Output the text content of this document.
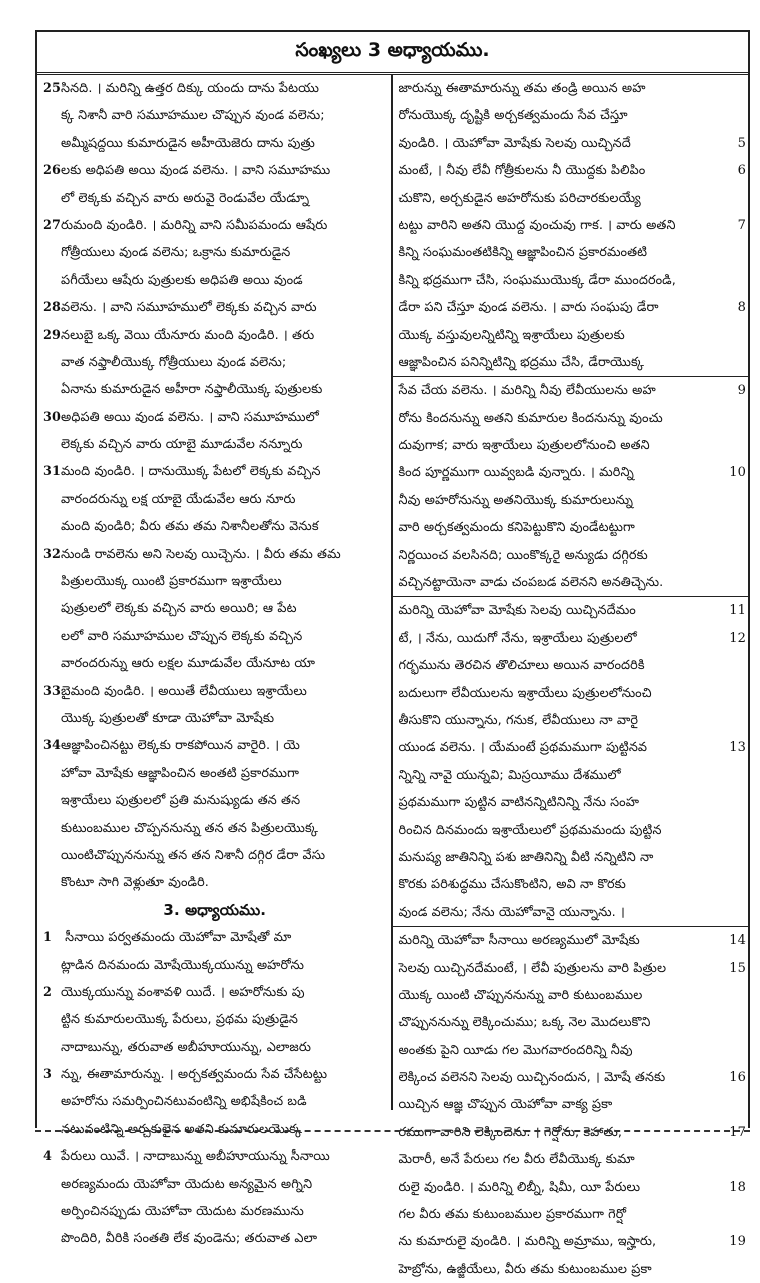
సంఖ్యలు 3 అధ్యాయము.
25సినది. । మరిన్ని ఉత్తర దిక్కు యందు దాను పేటయు
క్క నిశానీ వారి సమూహముల చొప్పున వుండ వలెను;
అమ్మీషద్దయి కుమారుడైన అహీయెజెరు దాను పుత్రు
26లకు అధిపతి అయి వుండ వలెను. । వాని సమూహము
లో లెక్కకు వచ్చిన వారు అరువై రెండువేల యేడ్నూ
27రుమంది వుండిరి. । మరిన్ని వాని సమీపమందు ఆషేరు
గోత్రీయులు వుండ వలెను; ఒక్రాను కుమారుడైన
పగీయేలు ఆషేరు పుత్రులకు అధిపతి అయి వుండ
28వలెను. । వాని సమూహములో లెక్కకు వచ్చిన వారు
29నలుబై ఒక్క వెయి యేనూరు మంది వుండిరి. । తరు
వాత నఫ్తాలీయొక్క గోత్రీయులు వుండ వలెను;
ఏనాను కుమారుడైన అహీరా నఫ్తాలీయొక్క పుత్రులకు
30అధిపతి అయి వుండ వలెను. । వాని సమూహములో
లెక్కకు వచ్చిన వారు యాబై మూడువేల నన్నూరు
31మంది వుండిరి. । దానుయొక్క పేటలో లెక్కకు వచ్చిన
వారందరున్ను లక్ష యాబై యేడువేల ఆరు నూరు
మంది వుండిరి; వీరు తమ తమ నిశానీలతోను వెనుక
32నుండి రావలెను అని సెలవు యిచ్చెను. । వీరు తమ తమ
పిత్రులయొక్క యింటి ప్రకారముగా ఇశ్రాయేలు
పుత్రులలో లెక్కకు వచ్చిన వారు అయిరి; ఆ పేట
లలో వారి సమూహముల చొప్పున లెక్కకు వచ్చిన
వారందరున్ను ఆరు లక్షల మూడువేల యేనూట యా
33బైమంది వుండిరి. । అయితే లేవీయులు ఇశ్రాయేలు
యొక్క పుత్రులతో కూడా యెహోవా మోషేకు
34ఆజ్ఞాపించినట్టు లెక్కకు రాకపోయిన వారైరి. । యె
హోవా మోషేకు ఆజ్ఞాపించిన అంతటి ప్రకారముగా
ఇశ్రాయేలు పుత్రులలో ప్రతి మనుష్యుడు తన తన
కుటుంబముల చొప్పననున్ను తన తన పిత్రులయొక్క
యింటిచొప్పుననున్ను తన తన నిశానీ దగ్గిర డేరా వేసు
కొంటూ సాగి వెళ్లుతూ వుండిరి.
3. అధ్యాయము.
1 సీనాయి పర్వతమందు యెహోవా మోషేతో మా
ట్లాడిన దినమందు మోషేయొక్కయున్ను అహరోను
2 యొక్కయున్ను వంశావళి యిదే. । అహరోనుకు పు
ట్టిన కుమారులయొక్క పేరులు, ప్రథమ పుత్రుడైన
నాదాబున్ను, తరువాత అబీహూయున్ను, ఎలాజరు
3 న్ను, ఈతామారున్ను. । అర్చకత్వమందు సేవ చేసేటట్టు
అహరోను సమర్పించినటువంటిన్ని అభిషేకించ బడి
నటువంటిన్ని అర్చకులైన అతని కుమారులయొక్క
4 పేరులు యివే. । నాదాబున్ను అబీహూయున్ను సీనాయి
అరణ్యమందు యెహోవా యెదుట అన్యమైన అగ్నిని
అర్పించినప్పుడు యెహోవా యెదుట మరణమును
పొందిరి, వీరికి సంతతి లేక వుండెను; తరువాత ఎలా
జారున్ను ఈతామారున్ను తమ తండ్రి అయిన అహ
రోనుయొక్క దృష్టికి అర్చకత్వమందు సేవ చేస్తూ
వుండిరి. । యెహోవా మోషేకు సెలవు యిచ్చినదే	5
మంటే, । నీవు లేవీ గోత్రీకులను నీ యొద్దకు పిలిపిం	6
చుకొని, అర్చకుడైన అహరోనుకు పరిచారకులయ్యే
టట్టు వారిని అతని యొద్ద వుంచువు గాక. । వారు అతని	7
కిన్ని సంఘమంతటికిన్ని ఆజ్ఞాపించిన ప్రకారమంతటి
కిన్ని భద్రముగా చేసి, సంఘముయొక్క డేరా ముందరండి,
డేరా పని చేస్తూ వుండ వలెను. । వారు సంఘపు డేరా	8
యొక్క వస్తువులన్నిటిన్ని ఇశ్రాయేలు పుత్రులకు
ఆజ్ఞాపించిన పనిన్నిటిన్ని భద్రము చేసి, డేరాయొక్క
సేవ చేయ వలెను. । మరిన్ని నీవు లేవీయులను అహ	9
రోను కిందనున్ను అతని కుమారుల కిందనున్ను వుంచు
దువుగాక; వారు ఇశ్రాయేలు పుత్రులలోనుంచి అతని
కింద పూర్ణముగా యివ్వబడి వున్నారు. । మరిన్ని	10
నీవు అహరోనున్ను అతనియొక్క కుమారులున్ను
వారి అర్చకత్వమందు కనిపెట్టుకొని వుండేటట్టుగా
నిర్ణయించ వలసినది; యింకొక్కరై అన్యుడు దగ్గిరకు
వచ్చినట్టాయెనా వాడు చంపబడ వలెనని అనతిచ్చెను.
మరిన్ని యెహోవా మోషేకు సెలవు యిచ్చినదేమం	11
టే, । నేను, యిదుగో నేను, ఇశ్రాయేలు పుత్రులలో	12
గర్భమును తెరచిన తొలిచూలు అయిన వారందరికి
బదులుగా లేవీయులను ఇశ్రాయేలు పుత్రులలోనుంచి
తీసుకొని యున్నాను, గనుక, లేవీయులు నా వారై
యుండ వలెను. । యేమంటే ప్రథమముగా పుట్టినవ	13
న్నిన్ని నావై యున్నవి; మిస్రయీము దేశములో
ప్రథమముగా పుట్టిన వాటినన్నిటినిన్ని నేను సంహ
రించిన దినమందు ఇశ్రాయేలులో ప్రథమమందు పుట్టిన
మనుష్య జాతినిన్ని పశు జాతినిన్ని వీటి నన్నిటిని నా
కొరకు పరిశుద్ధము చేసుకొంటిని, అవి నా కొరకు
వుండ వలెను; నేను యెహోవానై యున్నాను. ।
మరిన్ని యెహోవా సీనాయి అరణ్యములో మోషేకు	14
సెలవు యిచ్చినదేమంటే, । లేవీ పుత్రులను వారి పిత్రుల	15
యొక్క యింటి చొప్పుననున్ను వారి కుటుంబముల
చొప్పుననున్ను లెక్కించుము; ఒక్క నెల మొదలుకొని
అంతకు పైని యీడు గల మొగవారందరిన్ని నీవు
లెక్కించ వలెనని సెలవు యిచ్చినందున, । మోషే తనకు	16
యిచ్చిన ఆజ్ఞ చొప్పున యెహోవా వాక్య ప్రకా
రముగా వారిని లెక్కించెను. । గెర్షోను, కెహాతు,	17
మెరారీ, అనే పేరులు గల వీరు లేవీయొక్క కుమా
రులై వుండిరి. । మరిన్ని లిబ్నీ, షిమీ, యీ పేరులు	18
గల వీరు తమ కుటుంబముల ప్రకారముగా గెర్షో
ను కుమారులై వుండిరి. । మరిన్ని అమ్రాము, ఇస్హారు,	19
హెబ్రోను, ఉజ్జీయేలు, వీరు తమ కుటుంబముల ప్రకా
